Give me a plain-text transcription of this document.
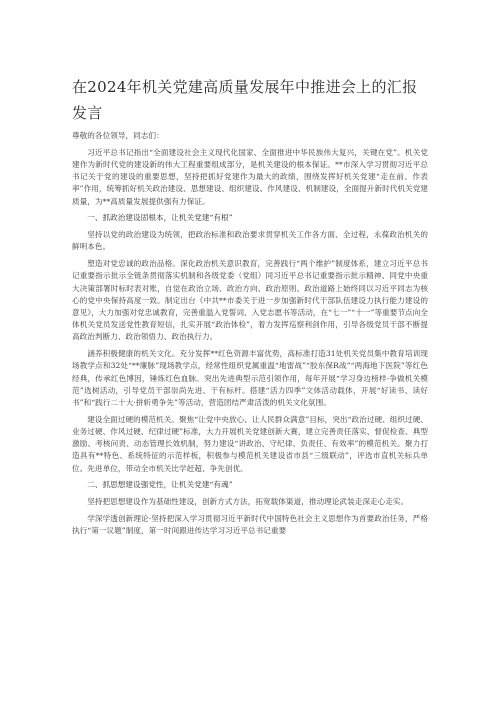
在2024年机关党建高质量发展年中推进会上的汇报发言

尊敬的各位领导，同志们：

习近平总书记指出“全面建设社会主义现代化国家、全面推进中华民族伟大复兴，关键在党”。机关党建作为新时代党的建设新的伟大工程重要组成部分，是机关建设的根本保证。**市深入学习贯彻习近平总书记关于党的建设的重要思想，坚持把抓好党建作为最大的政绩，围绕发挥好机关党建“走在前、作表率”作用，统筹抓好机关政治建设、思想建设、组织建设、作风建设、机制建设，全面提升新时代机关党建质量，为**高质量发展提供强有力保证。

一、抓政治建设固根本，让机关党建“有根”

坚持以党的政治建设为统领，把政治标准和政治要求贯穿机关工作各方面、全过程，永葆政治机关的鲜明本色。

塑造对党忠诚的政治品格。深化政治机关意识教育，完善践行“两个维护”制度体系，建立习近平总书记重要指示批示全链条贯彻落实机制和各级党委（党组）同习近平总书记重要指示批示精神、同党中央重大决策部署时标时表对账，自觉在政治立场、政治方向、政治原则、政治道路上始终同以习近平同志为核心的党中央保持高度一致。制定出台《中共**市委关于进一步加强新时代干部队伍建设力执行能力建设的意见》，大力加强对党忠诚教育，完善重温入党誓词、入党志愿书等活动，在“七一”“十一”等重要节点向全体机关党员发送党性教育短信，扎实开展“政治体检”，着力发挥巡察利剑作用，引导各级党员干部不断提高政治判断力、政治领悟力、政治执行力。

涵养积极健康的机关文化。充分发挥**红色资源丰富优势，高标准打造31处机关党员集中教育培训现场教学点和32处“**廉脉”现场教学点，经常性组织党属重温“地雷战”“胶东保R战”“两海地下医院”等红色经典，传承红色博因，锤炼红色血脉。突出先进典型示范引领作用，每年开展“学习身边榜样·争做机关模范”选树活动，引导党员干部崇尚先进、干有标杆。搭建“活力四季”文体活动载体，开展“好读书、读好书”和“践行二十大·拼斩勇争先”等活动，营造团结严肃活泼的机关文化氛围。

建设全面过硬的模范机关。聚焦“让党中央放心、让人民群众满意”目标，突出“政治过硬、组织过硬、业务过硬、作风过硬、纪律过硬”标准，大力开展机关党建创新大赛，建立完善责任落实、督促检查、典型激励、考核问责、动态管理长效机制，努力建设“讲政治、守纪律、负责任、有效率”的模范机关。聚力打造具有**特色、系统特征的示范样板，积极参与模范机关建设省市县“三级联动”，评选市直机关标兵单位、先进单位，带动全市机关比学赶超、争先创优。

二、抓思想建设强党性，让机关党建“有魂”

坚持把思想建设作为基础性建设，创新方式方法，拓宽载体渠道，推动理论武装走深走心走实。

学深学透创新理论·坚持把深入学习贯彻习近平新时代中国特色社会主义思想作为首要政治任务，严格执行“第一议题”制度，第一时间跟进传达学习习近平总书记重要
